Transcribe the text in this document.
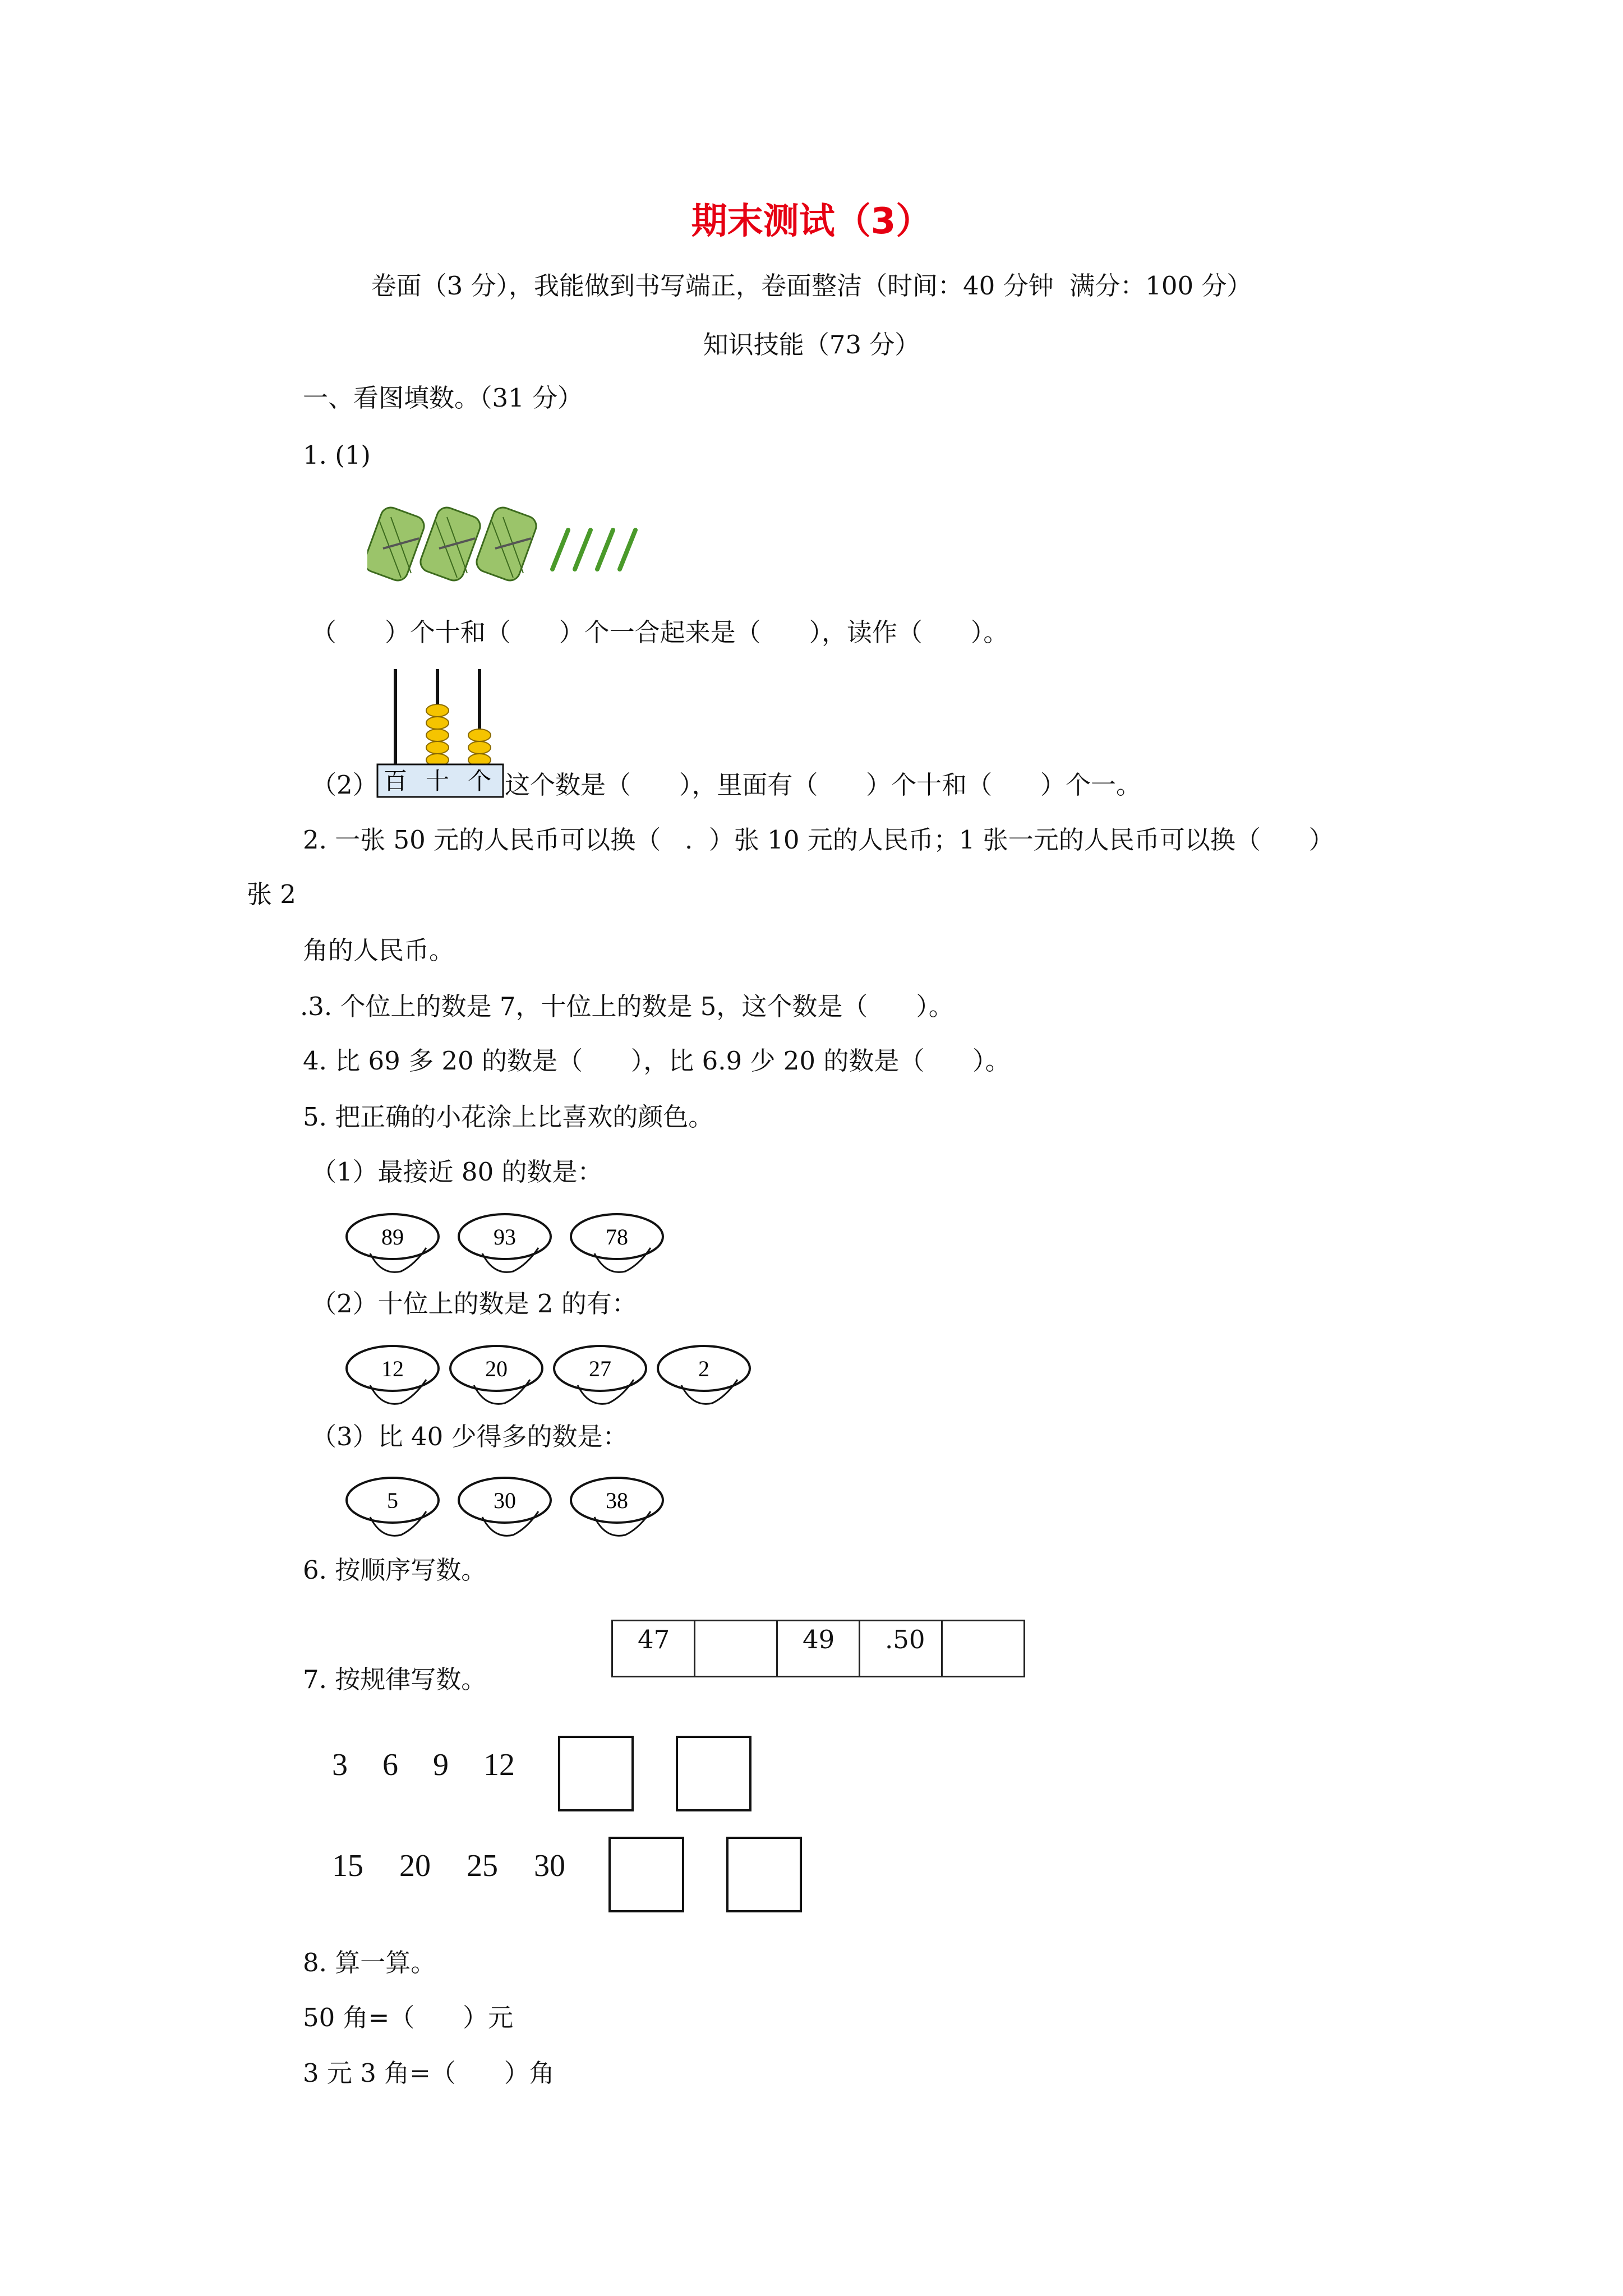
期末测试（3）
卷面（3 分），我能做到书写端正，卷面整洁（时间：40 分钟  满分：100 分）
知识技能（73 分）
一、看图填数。（31 分）
1. (1)
（      ）个十和（      ）个一合起来是（      ），读作（      ）。
百 十 个
（2）	这个数是（      ），里面有（      ）个十和（      ）个一。
2. 一张 50 元的人民币可以换（   .  ）张 10 元的人民币；1 张一元的人民币可以换（      ）
张 2
角的人民币。
.3. 个位上的数是 7，十位上的数是 5，这个数是（      ）。
4. 比 69 多 20 的数是（      ），比 6.9 少 20 的数是（      ）。
5. 把正确的小花涂上比喜欢的颜色。
（1）最接近 80 的数是：
89	93	78
（2）十位上的数是 2 的有：
12	20	27	2
（3）比 40 少得多的数是：
5	30	38
6. 按顺序写数。
47		49	.50	
7. 按规律写数。
3 6 9 12
15 20 25 30
8. 算一算。
50 角=（      ）元
3 元 3 角=（      ）角
